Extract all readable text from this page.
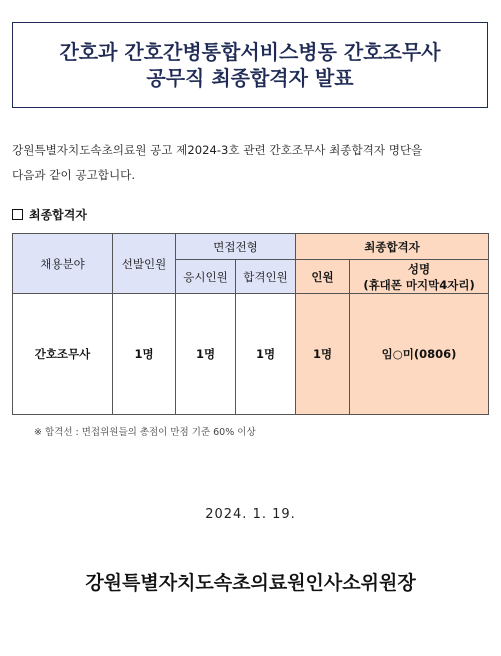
간호과 간호간병통합서비스병동 간호조무사
공무직 최종합격자 발표
강원특별자치도속초의료원 공고 제2024-3호 관련 간호조무사 최종합격자 명단을
다음과 같이 공고합니다.
최종합격자
채용분야	선발인원	면접전형		최종합격자	
		응시인원	합격인원	인원	성명
(휴대폰 마지막4자리)

간호조무사	1명	1명	1명	1명	임○미(0806)
※ 합격선 : 면접위원들의 총점이 만점 기준 60% 이상
2024. 1. 19.
강원특별자치도속초의료원인사소위원장
